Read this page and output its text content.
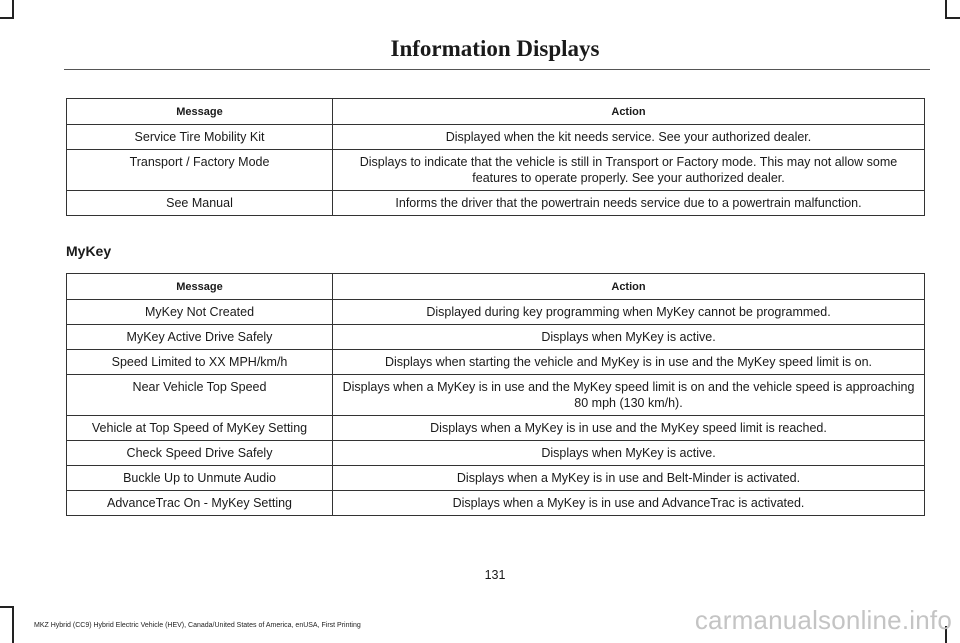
Information Displays
Message	Action
Service Tire Mobility Kit	Displayed when the kit needs service. See your authorized dealer.
Transport / Factory Mode	Displays to indicate that the vehicle is still in Transport or Factory mode. This may not allow some features to operate properly. See your authorized dealer.
See Manual	Informs the driver that the powertrain needs service due to a powertrain malfunction.
MyKey
Message	Action
MyKey Not Created	Displayed during key programming when MyKey cannot be programmed.
MyKey Active Drive Safely	Displays when MyKey is active.
Speed Limited to XX MPH/km/h	Displays when starting the vehicle and MyKey is in use and the MyKey speed limit is on.
Near Vehicle Top Speed	Displays when a MyKey is in use and the MyKey speed limit is on and the vehicle speed is approaching 80 mph (130 km/h).
Vehicle at Top Speed of MyKey Setting	Displays when a MyKey is in use and the MyKey speed limit is reached.
Check Speed Drive Safely	Displays when MyKey is active.
Buckle Up to Unmute Audio	Displays when a MyKey is in use and Belt-Minder is activated.
AdvanceTrac On - MyKey Setting	Displays when a MyKey is in use and AdvanceTrac is activated.
131
MKZ Hybrid (CC9) Hybrid Electric Vehicle (HEV), Canada/United States of America, enUSA, First Printing	carmanualsonline.info
